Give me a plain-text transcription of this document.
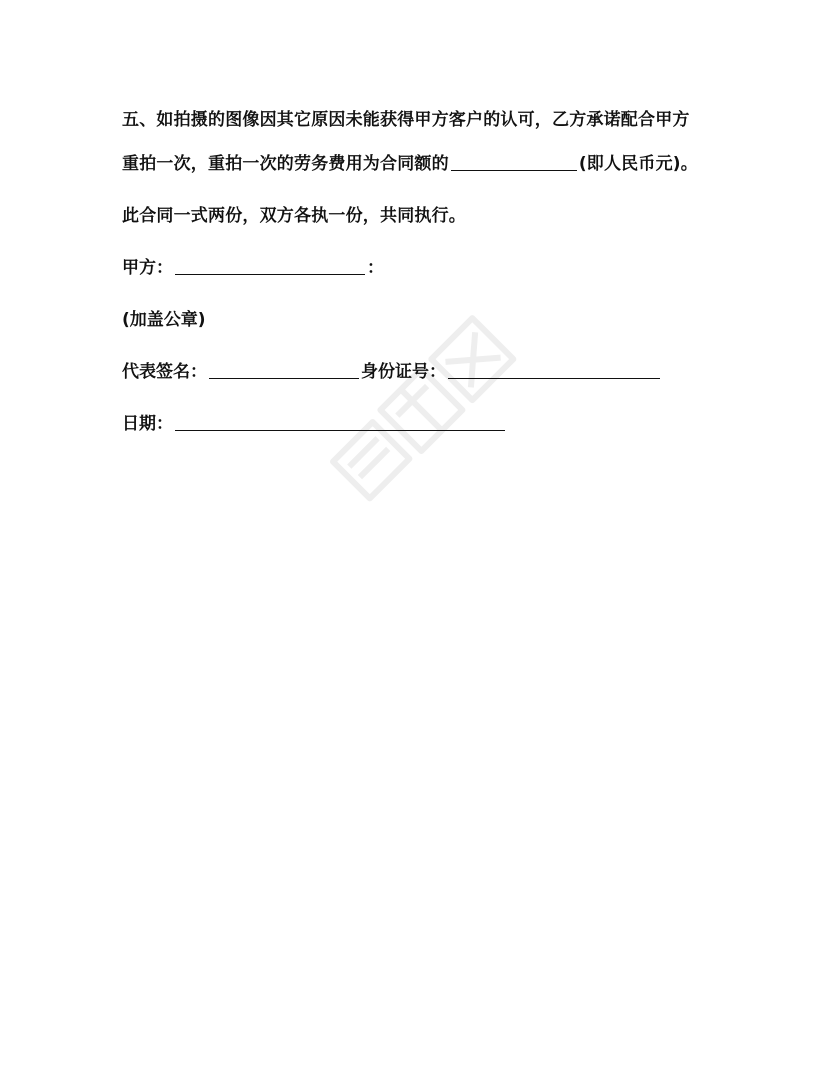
五、如拍摄的图像因其它原因未能获得甲方客户的认可，乙方承诺配合甲方重拍一次，重拍一次的劳务费用为合同额的	(即人民币元)。

此合同一式两份，双方各执一份，共同执行。

甲方：	：
(加盖公章)
代表签名：	身份证号：
日期：
